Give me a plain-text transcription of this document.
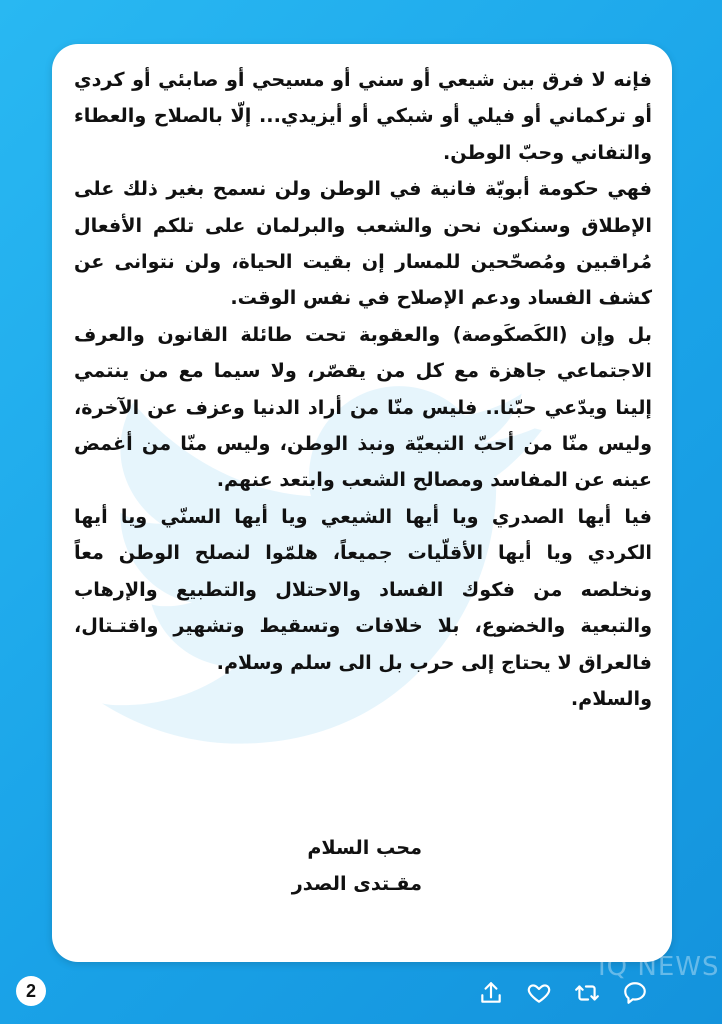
فإنه لا فرق بين شيعي أو سني أو مسيحي أو صابئي أو كردي أو تركماني أو فيلي أو شبكي أو أيزيدي... إلّا بالصلاح والعطاء والتفاني وحبّ الوطن.

فهي حكومة أبويّة فانية في الوطن ولن نسمح بغير ذلك على الإطلاق وسنكون نحن والشعب والبرلمان على تلكم الأفعال مُراقبين ومُصحّحين للمسار إن بقيت الحياة، ولن نتوانى عن كشف الفساد ودعم الإصلاح في نفس الوقت.

بل وإن (الكَصكَوصة) والعقوبة تحت طائلة القانون والعرف الاجتماعي جاهزة مع كل من يقصّر، ولا سيما مع من ينتمي إلينا ويدّعي حبّنا.. فليس منّا من أراد الدنيا وعزف عن الآخرة، وليس منّا من أحبّ التبعيّة ونبذ الوطن، وليس منّا من أغمض عينه عن المفاسد ومصالح الشعب وابتعد عنهم.

فيا أيها الصدري ويا أيها الشيعي ويا أيها السنّي ويا أيها الكردي ويا أيها الأقلّيات جميعاً، هلمّوا لنصلح الوطن معاً ونخلصه من فكوك الفساد والاحتلال والتطبيع والإرهاب والتبعية والخضوع، بلا خلافات وتسقيط وتشهير واقتـتال، فالعراق لا يحتاج إلى حرب بل الى سلم وسلام.

والسلام.

محب السلام
مقـتدى الصدر
IQ NEWS
2
